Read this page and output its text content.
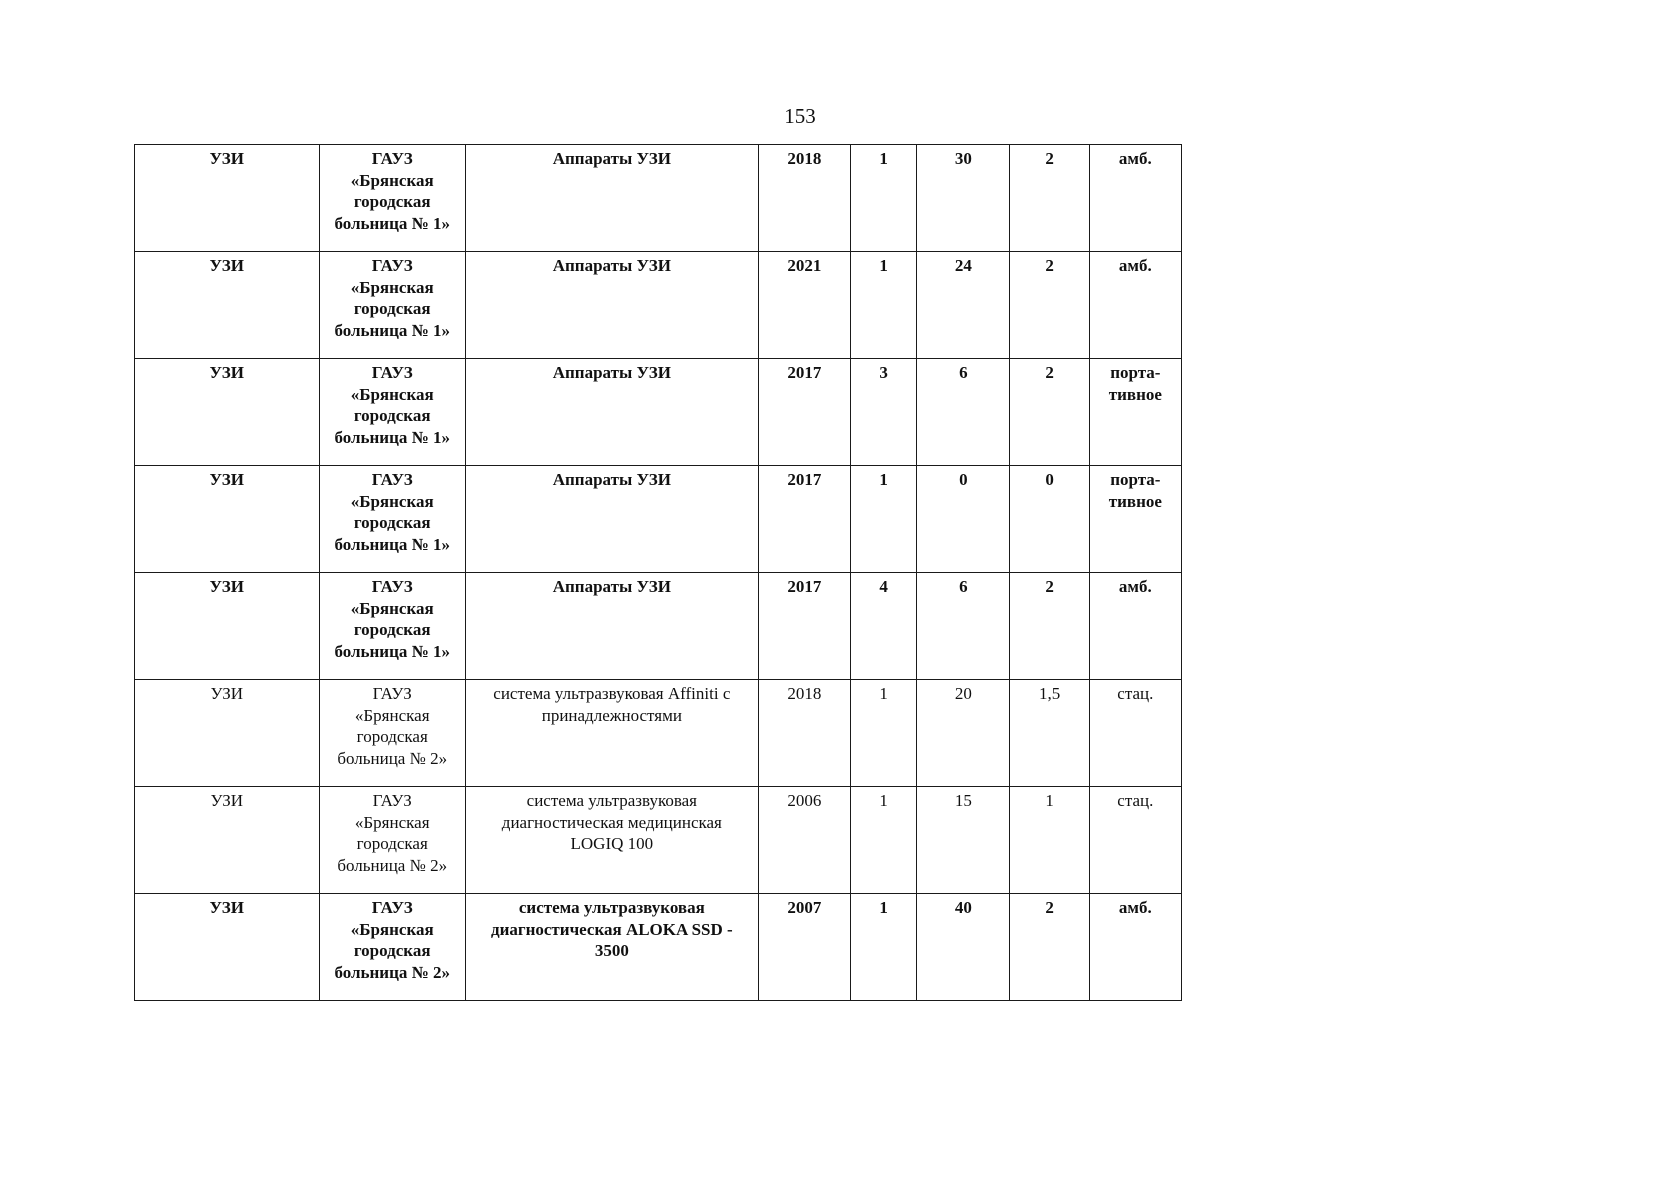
153
УЗИ	ГАУЗ
«Брянская
городская
больница № 1»	Аппараты УЗИ	2018	1	30	2	амб.

УЗИ	ГАУЗ
«Брянская
городская
больница № 1»	Аппараты УЗИ	2021	1	24	2	амб.

УЗИ	ГАУЗ
«Брянская
городская
больница № 1»	Аппараты УЗИ	2017	3	6	2	порта-
тивное

УЗИ	ГАУЗ
«Брянская
городская
больница № 1»	Аппараты УЗИ	2017	1	0	0	порта-
тивное

УЗИ	ГАУЗ
«Брянская
городская
больница № 1»	Аппараты УЗИ	2017	4	6	2	амб.

УЗИ	ГАУЗ
«Брянская
городская
больница № 2»	система ультразвуковая Affiniti с
принадлежностями	2018	1	20	1,5	стац.

УЗИ	ГАУЗ
«Брянская
городская
больница № 2»	система ультразвуковая
диагностическая медицинская
LOGIQ 100	2006	1	15	1	стац.

УЗИ	ГАУЗ
«Брянская
городская
больница № 2»	система ультразвуковая
диагностическая ALOKA SSD -
3500	2007	1	40	2	амб.
